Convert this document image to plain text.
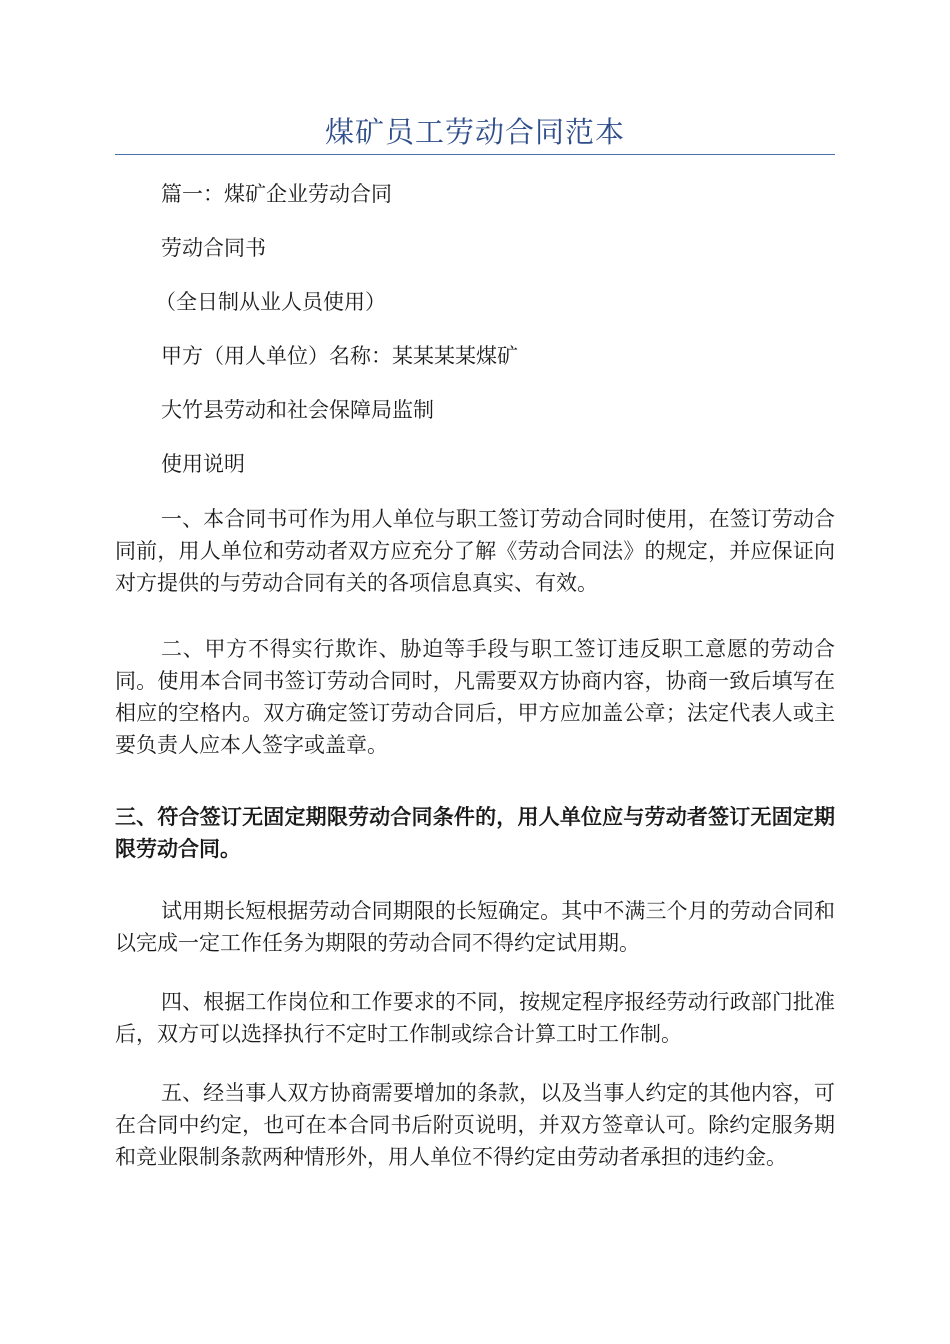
煤矿员工劳动合同范本
篇一：煤矿企业劳动合同
劳动合同书
（全日制从业人员使用）
甲方（用人单位）名称：某某某某煤矿
大竹县劳动和社会保障局监制
使用说明
一、本合同书可作为用人单位与职工签订劳动合同时使用，在签订劳动合同前，用人单位和劳动者双方应充分了解《劳动合同法》的规定，并应保证向对方提供的与劳动合同有关的各项信息真实、有效。
二、甲方不得实行欺诈、胁迫等手段与职工签订违反职工意愿的劳动合同。使用本合同书签订劳动合同时，凡需要双方协商内容，协商一致后填写在相应的空格内。双方确定签订劳动合同后，甲方应加盖公章；法定代表人或主要负责人应本人签字或盖章。
三、符合签订无固定期限劳动合同条件的，用人单位应与劳动者签订无固定期限劳动合同。
试用期长短根据劳动合同期限的长短确定。其中不满三个月的劳动合同和以完成一定工作任务为期限的劳动合同不得约定试用期。
四、根据工作岗位和工作要求的不同，按规定程序报经劳动行政部门批准后，双方可以选择执行不定时工作制或综合计算工时工作制。
五、经当事人双方协商需要增加的条款，以及当事人约定的其他内容，可在合同中约定，也可在本合同书后附页说明，并双方签章认可。除约定服务期和竞业限制条款两种情形外，用人单位不得约定由劳动者承担的违约金。
